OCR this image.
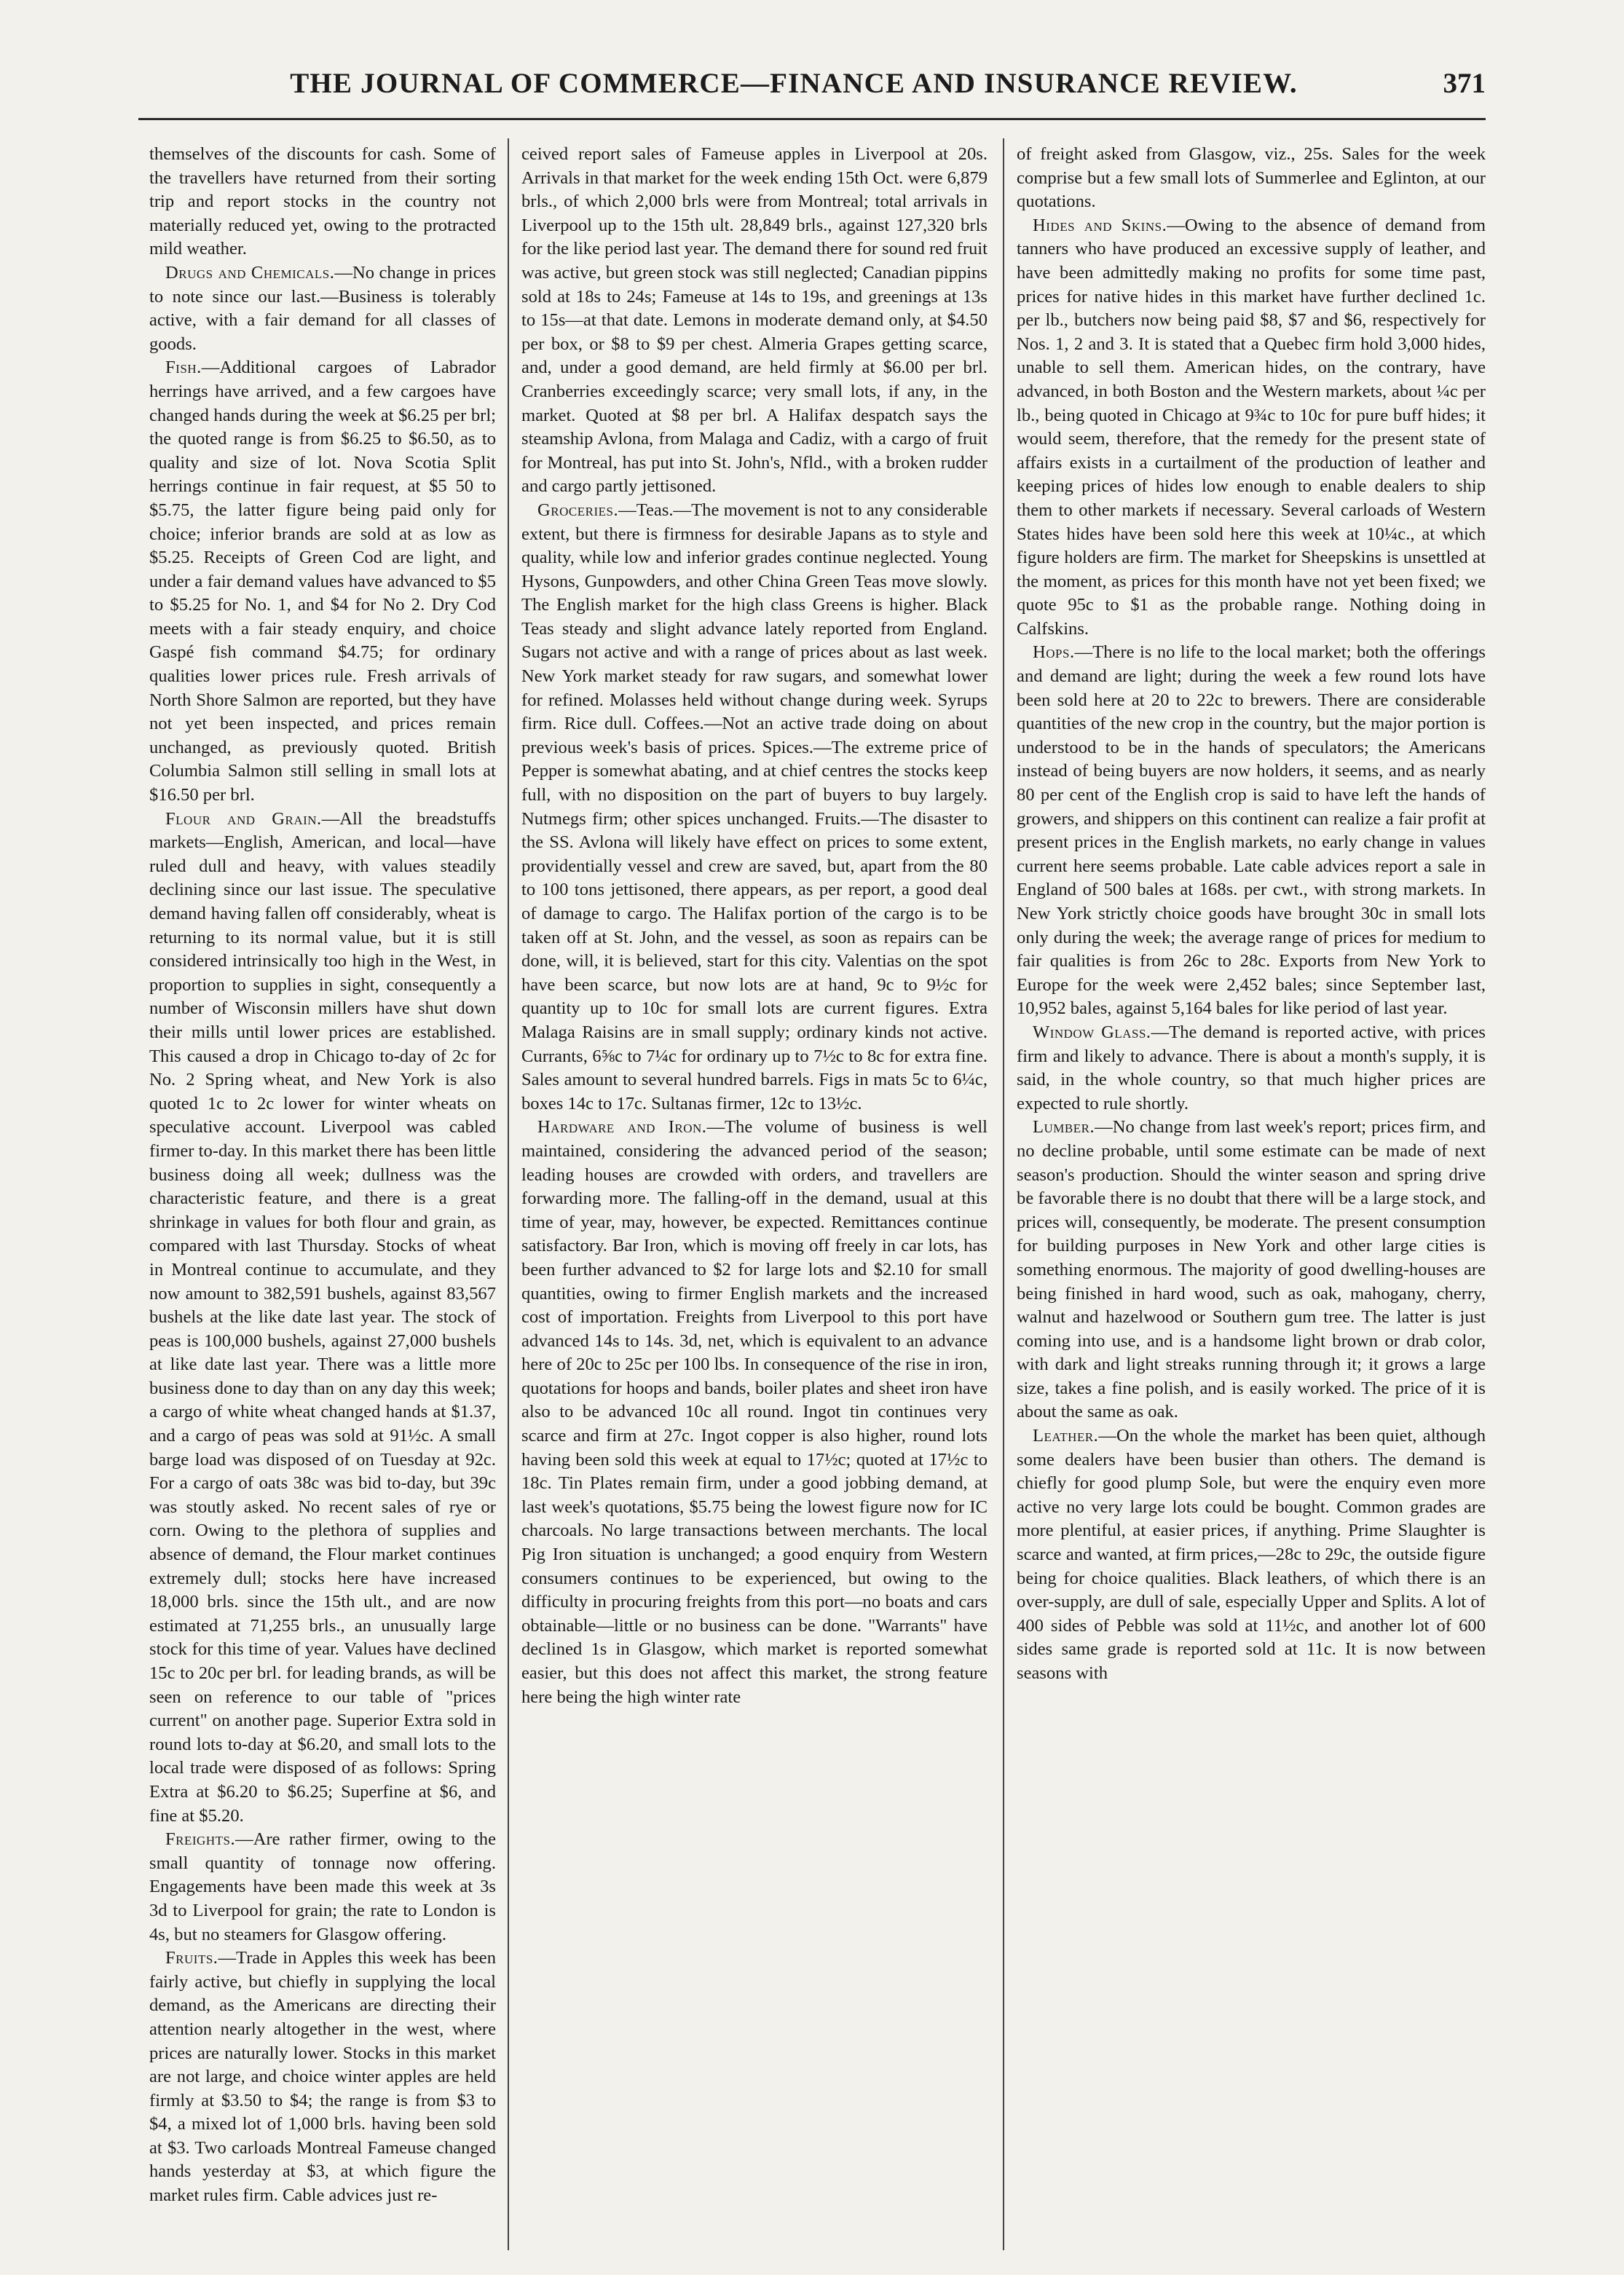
THE JOURNAL OF COMMERCE—FINANCE AND INSURANCE REVIEW.	371

themselves of the discounts for cash. Some of the travellers have returned from their sorting trip and report stocks in the country not materially reduced yet, owing to the protracted mild weather.

Drugs and Chemicals.—No change in prices to note since our last.—Business is tolerably active, with a fair demand for all classes of goods.

Fish.—Additional cargoes of Labrador herrings have arrived, and a few cargoes have changed hands during the week at $6.25 per brl; the quoted range is from $6.25 to $6.50, as to quality and size of lot. Nova Scotia Split herrings continue in fair request, at $5 50 to $5.75, the latter figure being paid only for choice; inferior brands are sold at as low as $5.25. Receipts of Green Cod are light, and under a fair demand values have advanced to $5 to $5.25 for No. 1, and $4 for No 2. Dry Cod meets with a fair steady enquiry, and choice Gaspé fish command $4.75; for ordinary qualities lower prices rule. Fresh arrivals of North Shore Salmon are reported, but they have not yet been inspected, and prices remain unchanged, as previously quoted. British Columbia Salmon still selling in small lots at $16.50 per brl.

Flour and Grain.—All the breadstuffs markets—English, American, and local—have ruled dull and heavy, with values steadily declining since our last issue. The speculative demand having fallen off considerably, wheat is returning to its normal value, but it is still considered intrinsically too high in the West, in proportion to supplies in sight, consequently a number of Wisconsin millers have shut down their mills until lower prices are established. This caused a drop in Chicago to-day of 2c for No. 2 Spring wheat, and New York is also quoted 1c to 2c lower for winter wheats on speculative account. Liverpool was cabled firmer to-day. In this market there has been little business doing all week; dullness was the characteristic feature, and there is a great shrinkage in values for both flour and grain, as compared with last Thursday. Stocks of wheat in Montreal continue to accumulate, and they now amount to 382,591 bushels, against 83,567 bushels at the like date last year. The stock of peas is 100,000 bushels, against 27,000 bushels at like date last year. There was a little more business done to day than on any day this week; a cargo of white wheat changed hands at $1.37, and a cargo of peas was sold at 91½c. A small barge load was disposed of on Tuesday at 92c. For a cargo of oats 38c was bid to-day, but 39c was stoutly asked. No recent sales of rye or corn. Owing to the plethora of supplies and absence of demand, the Flour market continues extremely dull; stocks here have increased 18,000 brls. since the 15th ult., and are now estimated at 71,255 brls., an unusually large stock for this time of year. Values have declined 15c to 20c per brl. for leading brands, as will be seen on reference to our table of "prices current" on another page. Superior Extra sold in round lots to-day at $6.20, and small lots to the local trade were disposed of as follows: Spring Extra at $6.20 to $6.25; Superfine at $6, and fine at $5.20.

Freights.—Are rather firmer, owing to the small quantity of tonnage now offering. Engagements have been made this week at 3s 3d to Liverpool for grain; the rate to London is 4s, but no steamers for Glasgow offering.

Fruits.—Trade in Apples this week has been fairly active, but chiefly in supplying the local demand, as the Americans are directing their attention nearly altogether in the west, where prices are naturally lower. Stocks in this market are not large, and choice winter apples are held firmly at $3.50 to $4; the range is from $3 to $4, a mixed lot of 1,000 brls. having been sold at $3. Two carloads Montreal Fameuse changed hands yesterday at $3, at which figure the market rules firm. Cable advices just re-

ceived report sales of Fameuse apples in Liverpool at 20s. Arrivals in that market for the week ending 15th Oct. were 6,879 brls., of which 2,000 brls were from Montreal; total arrivals in Liverpool up to the 15th ult. 28,849 brls., against 127,320 brls for the like period last year. The demand there for sound red fruit was active, but green stock was still neglected; Canadian pippins sold at 18s to 24s; Fameuse at 14s to 19s, and greenings at 13s to 15s—at that date. Lemons in moderate demand only, at $4.50 per box, or $8 to $9 per chest. Almeria Grapes getting scarce, and, under a good demand, are held firmly at $6.00 per brl. Cranberries exceedingly scarce; very small lots, if any, in the market. Quoted at $8 per brl. A Halifax despatch says the steamship Avlona, from Malaga and Cadiz, with a cargo of fruit for Montreal, has put into St. John's, Nfld., with a broken rudder and cargo partly jettisoned.

Groceries.—Teas.—The movement is not to any considerable extent, but there is firmness for desirable Japans as to style and quality, while low and inferior grades continue neglected. Young Hysons, Gunpowders, and other China Green Teas move slowly. The English market for the high class Greens is higher. Black Teas steady and slight advance lately reported from England. Sugars not active and with a range of prices about as last week. New York market steady for raw sugars, and somewhat lower for refined. Molasses held without change during week. Syrups firm. Rice dull. Coffees.—Not an active trade doing on about previous week's basis of prices. Spices.—The extreme price of Pepper is somewhat abating, and at chief centres the stocks keep full, with no disposition on the part of buyers to buy largely. Nutmegs firm; other spices unchanged. Fruits.—The disaster to the SS. Avlona will likely have effect on prices to some extent, providentially vessel and crew are saved, but, apart from the 80 to 100 tons jettisoned, there appears, as per report, a good deal of damage to cargo. The Halifax portion of the cargo is to be taken off at St. John, and the vessel, as soon as repairs can be done, will, it is believed, start for this city. Valentias on the spot have been scarce, but now lots are at hand, 9c to 9½c for quantity up to 10c for small lots are current figures. Extra Malaga Raisins are in small supply; ordinary kinds not active. Currants, 6⅝c to 7¼c for ordinary up to 7½c to 8c for extra fine. Sales amount to several hundred barrels. Figs in mats 5c to 6¼c, boxes 14c to 17c. Sultanas firmer, 12c to 13½c.

Hardware and Iron.—The volume of business is well maintained, considering the advanced period of the season; leading houses are crowded with orders, and travellers are forwarding more. The falling-off in the demand, usual at this time of year, may, however, be expected. Remittances continue satisfactory. Bar Iron, which is moving off freely in car lots, has been further advanced to $2 for large lots and $2.10 for small quantities, owing to firmer English markets and the increased cost of importation. Freights from Liverpool to this port have advanced 14s to 14s. 3d, net, which is equivalent to an advance here of 20c to 25c per 100 lbs. In consequence of the rise in iron, quotations for hoops and bands, boiler plates and sheet iron have also to be advanced 10c all round. Ingot tin continues very scarce and firm at 27c. Ingot copper is also higher, round lots having been sold this week at equal to 17½c; quoted at 17½c to 18c. Tin Plates remain firm, under a good jobbing demand, at last week's quotations, $5.75 being the lowest figure now for IC charcoals. No large transactions between merchants. The local Pig Iron situation is unchanged; a good enquiry from Western consumers continues to be experienced, but owing to the difficulty in procuring freights from this port—no boats and cars obtainable—little or no business can be done. "Warrants" have declined 1s in Glasgow, which market is reported somewhat easier, but this does not affect this market, the strong feature here being the high winter rate

of freight asked from Glasgow, viz., 25s. Sales for the week comprise but a few small lots of Summerlee and Eglinton, at our quotations.

Hides and Skins.—Owing to the absence of demand from tanners who have produced an excessive supply of leather, and have been admittedly making no profits for some time past, prices for native hides in this market have further declined 1c. per lb., butchers now being paid $8, $7 and $6, respectively for Nos. 1, 2 and 3. It is stated that a Quebec firm hold 3,000 hides, unable to sell them. American hides, on the contrary, have advanced, in both Boston and the Western markets, about ¼c per lb., being quoted in Chicago at 9¾c to 10c for pure buff hides; it would seem, therefore, that the remedy for the present state of affairs exists in a curtailment of the production of leather and keeping prices of hides low enough to enable dealers to ship them to other markets if necessary. Several carloads of Western States hides have been sold here this week at 10¼c., at which figure holders are firm. The market for Sheepskins is unsettled at the moment, as prices for this month have not yet been fixed; we quote 95c to $1 as the probable range. Nothing doing in Calfskins.

Hops.—There is no life to the local market; both the offerings and demand are light; during the week a few round lots have been sold here at 20 to 22c to brewers. There are considerable quantities of the new crop in the country, but the major portion is understood to be in the hands of speculators; the Americans instead of being buyers are now holders, it seems, and as nearly 80 per cent of the English crop is said to have left the hands of growers, and shippers on this continent can realize a fair profit at present prices in the English markets, no early change in values current here seems probable. Late cable advices report a sale in England of 500 bales at 168s. per cwt., with strong markets. In New York strictly choice goods have brought 30c in small lots only during the week; the average range of prices for medium to fair qualities is from 26c to 28c. Exports from New York to Europe for the week were 2,452 bales; since September last, 10,952 bales, against 5,164 bales for like period of last year.

Window Glass.—The demand is reported active, with prices firm and likely to advance. There is about a month's supply, it is said, in the whole country, so that much higher prices are expected to rule shortly.

Lumber.—No change from last week's report; prices firm, and no decline probable, until some estimate can be made of next season's production. Should the winter season and spring drive be favorable there is no doubt that there will be a large stock, and prices will, consequently, be moderate. The present consumption for building purposes in New York and other large cities is something enormous. The majority of good dwelling-houses are being finished in hard wood, such as oak, mahogany, cherry, walnut and hazelwood or Southern gum tree. The latter is just coming into use, and is a handsome light brown or drab color, with dark and light streaks running through it; it grows a large size, takes a fine polish, and is easily worked. The price of it is about the same as oak.

Leather.—On the whole the market has been quiet, although some dealers have been busier than others. The demand is chiefly for good plump Sole, but were the enquiry even more active no very large lots could be bought. Common grades are more plentiful, at easier prices, if anything. Prime Slaughter is scarce and wanted, at firm prices,—28c to 29c, the outside figure being for choice qualities. Black leathers, of which there is an over-supply, are dull of sale, especially Upper and Splits. A lot of 400 sides of Pebble was sold at 11½c, and another lot of 600 sides same grade is reported sold at 11c. It is now between seasons with
